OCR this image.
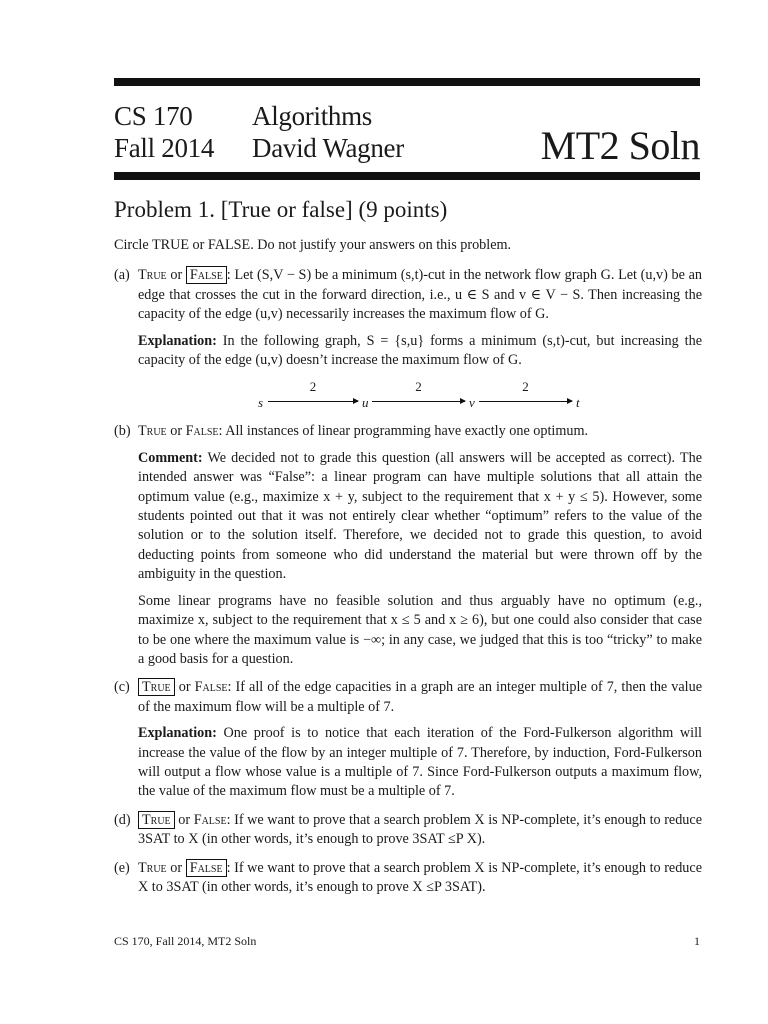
CS 170
Fall 2014
Algorithms
David Wagner	MT2 Soln
Problem 1. [True or false] (9 points)

Circle TRUE or FALSE. Do not justify your answers on this problem.

(a) True or False : Let (S,V − S) be a minimum (s,t)-cut in the network flow graph G. Let (u,v) be an edge that crosses the cut in the forward direction, i.e., u ∈ S and v ∈ V − S. Then increasing the capacity of the edge (u,v) necessarily increases the maximum flow of G.

Explanation: In the following graph, S = {s,u} forms a minimum (s,t)-cut, but increasing the capacity of the edge (u,v) doesn’t increase the maximum flow of G.

s	u	v	t
2	2	2
(b) True or False: All instances of linear programming have exactly one optimum.

Comment: We decided not to grade this question (all answers will be accepted as correct). The intended answer was “False”: a linear program can have multiple solutions that all attain the optimum value (e.g., maximize x + y, subject to the requirement that x + y ≤ 5). However, some students pointed out that it was not entirely clear whether “optimum” refers to the value of the solution or to the solution itself. Therefore, we decided not to grade this question, to avoid deducting points from someone who did understand the material but were thrown off by the ambiguity in the question.

Some linear programs have no feasible solution and thus arguably have no optimum (e.g., maximize x, subject to the requirement that x ≤ 5 and x ≥ 6), but one could also consider that case to be one where the maximum value is −∞; in any case, we judged that this is too “tricky” to make a good basis for a question.

(c) True or False: If all of the edge capacities in a graph are an integer multiple of 7, then the value of the maximum flow will be a multiple of 7.

Explanation: One proof is to notice that each iteration of the Ford-Fulkerson algorithm will increase the value of the flow by an integer multiple of 7. Therefore, by induction, Ford-Fulkerson will output a flow whose value is a multiple of 7. Since Ford-Fulkerson outputs a maximum flow, the value of the maximum flow must be a multiple of 7.

(d) True or False: If we want to prove that a search problem X is NP-complete, it’s enough to reduce 3SAT to X (in other words, it’s enough to prove 3SAT ≤P X).

(e) True or False : If we want to prove that a search problem X is NP-complete, it’s enough to reduce X to 3SAT (in other words, it’s enough to prove X ≤P 3SAT).

CS 170, Fall 2014, MT2 Soln	1
